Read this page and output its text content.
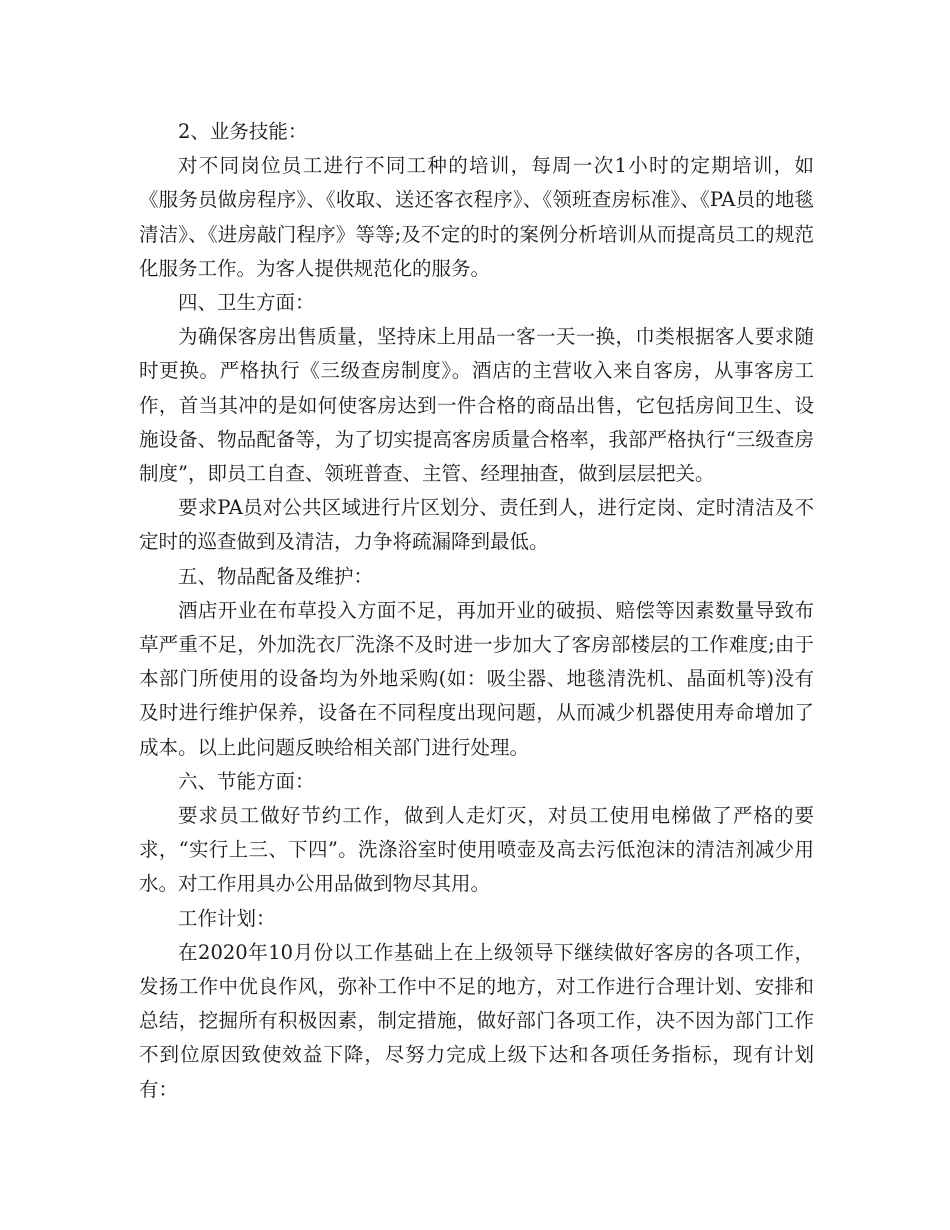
2、业务技能：

对不同岗位员工进行不同工种的培训，每周一次1小时的定期培训，如《服务员做房程序》、《收取、送还客衣程序》、《领班查房标准》、《PA员的地毯清洁》、《进房敲门程序》等等;及不定的时的案例分析培训从而提高员工的规范化服务工作。为客人提供规范化的服务。

四、卫生方面：

为确保客房出售质量，坚持床上用品一客一天一换，巾类根据客人要求随时更换。严格执行《三级查房制度》。酒店的主营收入来自客房，从事客房工作，首当其冲的是如何使客房达到一件合格的商品出售，它包括房间卫生、设施设备、物品配备等，为了切实提高客房质量合格率，我部严格执行“三级查房制度”，即员工自查、领班普查、主管、经理抽查，做到层层把关。

要求PA员对公共区域进行片区划分、责任到人，进行定岗、定时清洁及不定时的巡查做到及清洁，力争将疏漏降到最低。

五、物品配备及维护：

酒店开业在布草投入方面不足，再加开业的破损、赔偿等因素数量导致布草严重不足，外加洗衣厂洗涤不及时进一步加大了客房部楼层的工作难度;由于本部门所使用的设备均为外地采购(如：吸尘器、地毯清洗机、晶面机等)没有及时进行维护保养，设备在不同程度出现问题，从而减少机器使用寿命增加了成本。以上此问题反映给相关部门进行处理。

六、节能方面：

要求员工做好节约工作，做到人走灯灭，对员工使用电梯做了严格的要求，“实行上三、下四”。洗涤浴室时使用喷壶及高去污低泡沫的清洁剂减少用水。对工作用具办公用品做到物尽其用。

工作计划：

在2020年10月份以工作基础上在上级领导下继续做好客房的各项工作，发扬工作中优良作风，弥补工作中不足的地方，对工作进行合理计划、安排和总结，挖掘所有积极因素，制定措施，做好部门各项工作，决不因为部门工作不到位原因致使效益下降，尽努力完成上级下达和各项任务指标，现有计划有：
